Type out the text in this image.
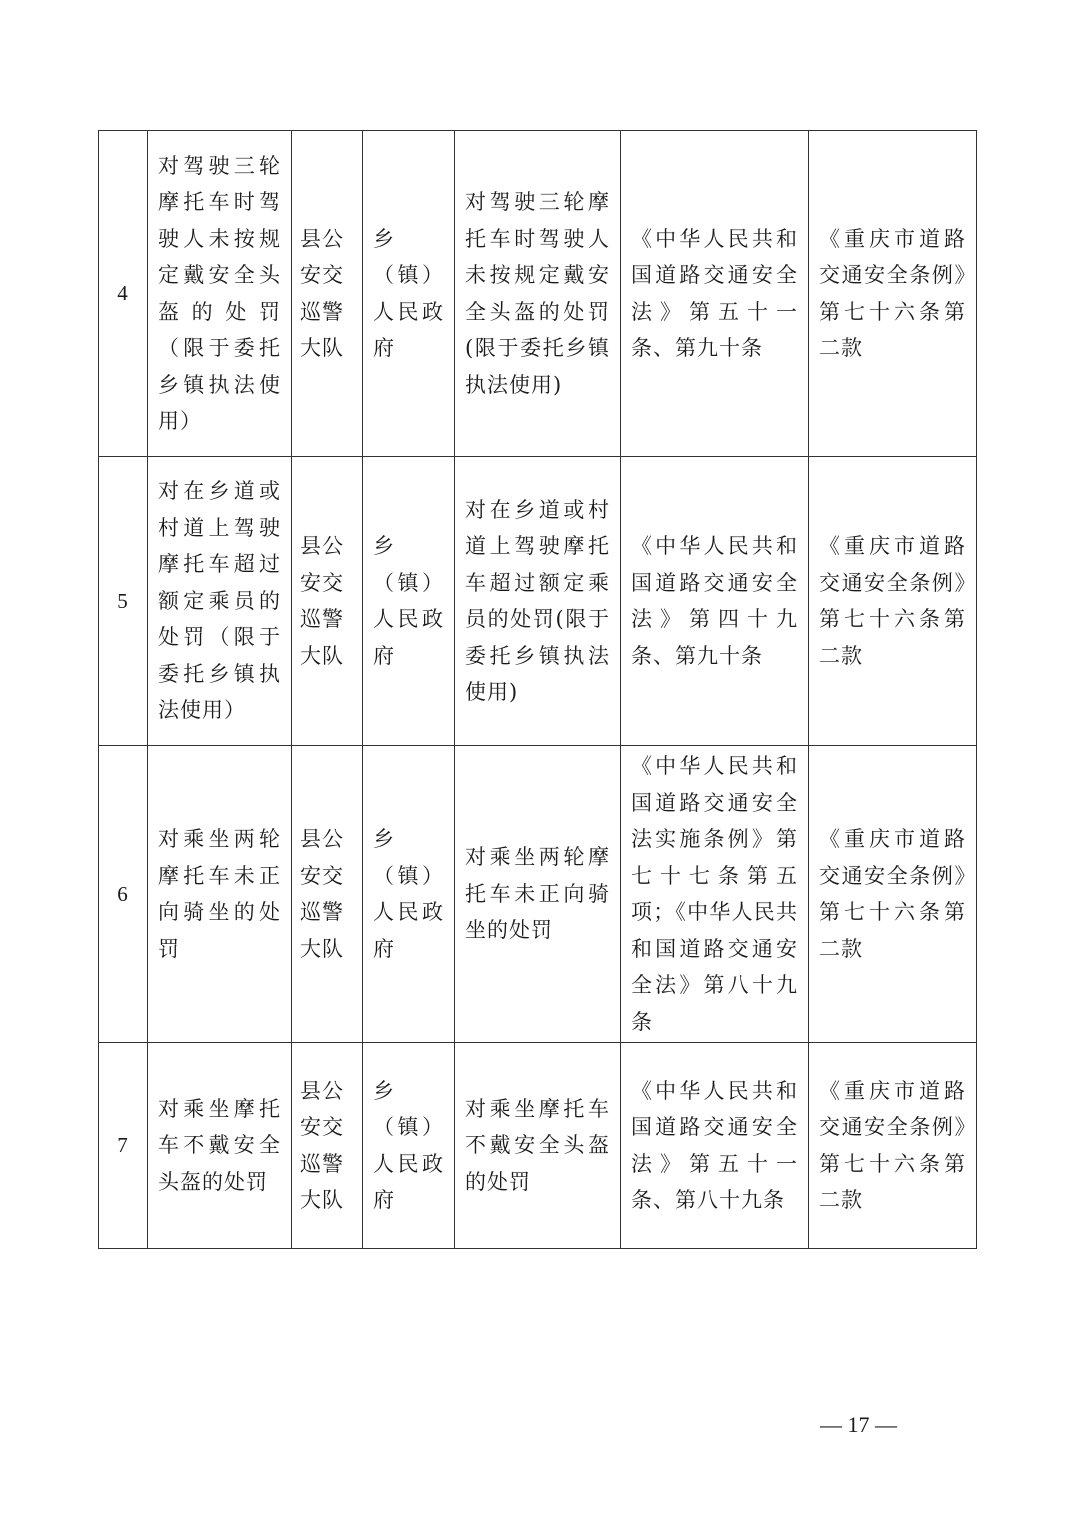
4	对驾驶三轮摩托车时驾驶人未按规定戴安全头盔的处罚（限于委托乡镇执法使用）	县公安交巡警大队	乡（镇）人民政府	对驾驶三轮摩托车时驾驶人未按规定戴安全头盔的处罚(限于委托乡镇执法使用)	《中华人民共和国道路交通安全法》第五十一条、第九十条	《重庆市道路交通安全条例》第七十六条第二款

5	对在乡道或村道上驾驶摩托车超过额定乘员的处罚（限于委托乡镇执法使用）	县公安交巡警大队	乡（镇）人民政府	对在乡道或村道上驾驶摩托车超过额定乘员的处罚(限于委托乡镇执法使用)	《中华人民共和国道路交通安全法》第四十九条、第九十条	《重庆市道路交通安全条例》第七十六条第二款

6	对乘坐两轮摩托车未正向骑坐的处罚	县公安交巡警大队	乡（镇）人民政府	对乘坐两轮摩托车未正向骑坐的处罚	《中华人民共和国道路交通安全法实施条例》第七十七条第五项；《中华人民共和国道路交通安全法》第八十九条	《重庆市道路交通安全条例》第七十六条第二款

7	对乘坐摩托车不戴安全头盔的处罚	县公安交巡警大队	乡（镇）人民政府	对乘坐摩托车不戴安全头盔的处罚	《中华人民共和国道路交通安全法》第五十一条、第八十九条	《重庆市道路交通安全条例》第七十六条第二款
— 17 —
